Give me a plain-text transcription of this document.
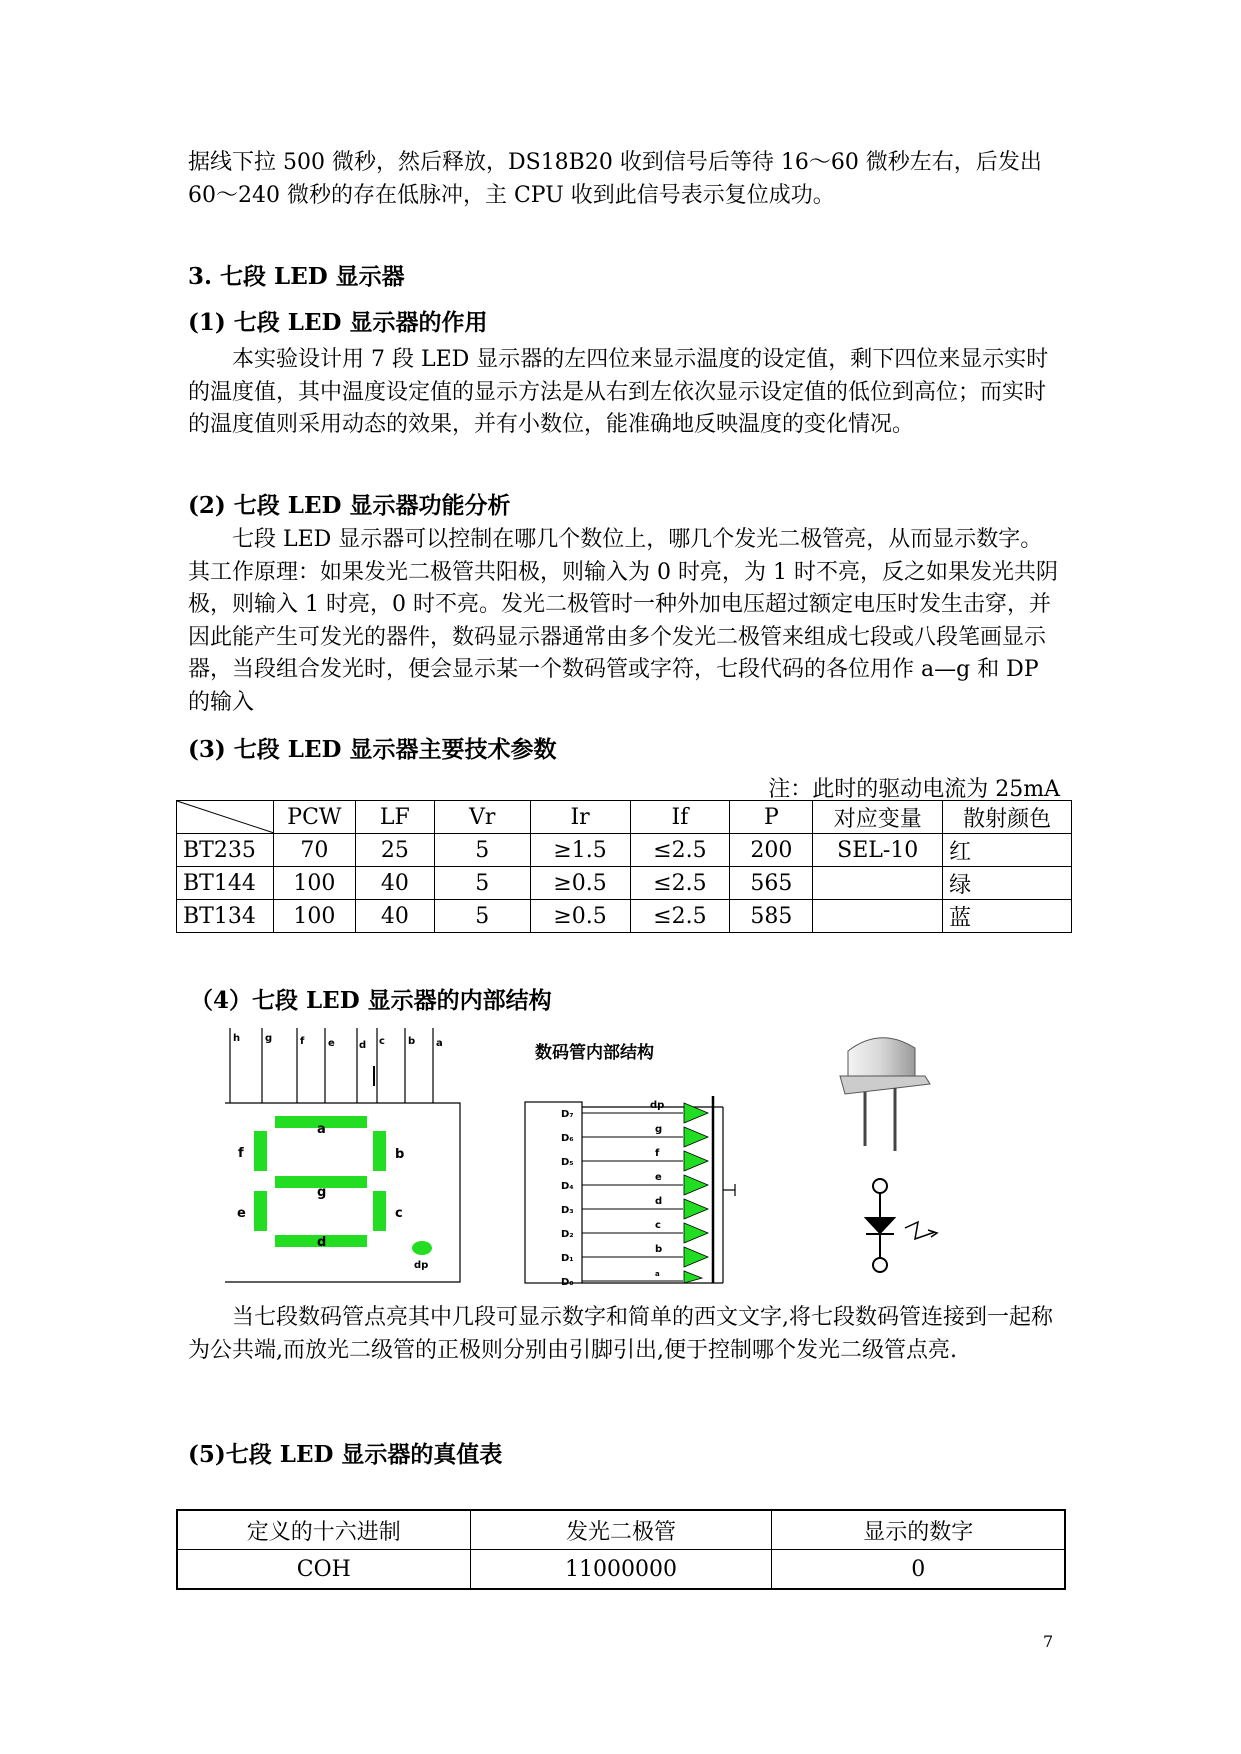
据线下拉 500 微秒，然后释放，DS18B20 收到信号后等待 16～60 微秒左右，后发出 60～240 微秒的存在低脉冲，主 CPU 收到此信号表示复位成功。

3. 七段 LED 显示器
(1) 七段 LED 显示器的作用

本实验设计用 7 段 LED 显示器的左四位来显示温度的设定值，剩下四位来显示实时的温度值，其中温度设定值的显示方法是从右到左依次显示设定值的低位到高位；而实时的温度值则采用动态的效果，并有小数位，能准确地反映温度的变化情况。

(2) 七段 LED 显示器功能分析

七段 LED 显示器可以控制在哪几个数位上，哪几个发光二极管亮，从而显示数字。其工作原理：如果发光二极管共阳极，则输入为 0 时亮，为 1 时不亮，反之如果发光共阴极，则输入 1 时亮，0 时不亮。发光二极管时一种外加电压超过额定电压时发生击穿，并因此能产生可发光的器件，数码显示器通常由多个发光二极管来组成七段或八段笔画显示器，当段组合发光时，便会显示某一个数码管或字符，七段代码的各位用作 a—g 和 DP 的输入

(3) 七段 LED 显示器主要技术参数
注：此时的驱动电流为 25mA
	PCW	LF	Vr	Ir	If	P	对应变量	散射颜色
BT235	70	25	5	≥1.5	≤2.5	200	SEL-10	红
BT144	100	40	5	≥0.5	≤2.5	565		绿
BT134	100	40	5	≥0.5	≤2.5	585		蓝
（4）七段 LED 显示器的内部结构
h g	f e d c b a
a
b
c
d
e
f
g
dp
数码管内部结构
D₇
D₆
D₅
D₄
D₃
D₂
D₁
D₀
dp
g
f
e
d
c
b
a

当七段数码管点亮其中几段可显示数字和简单的西文文字,将七段数码管连接到一起称为公共端,而放光二级管的正极则分别由引脚引出,便于控制哪个发光二级管点亮.

(5)七段 LED 显示器的真值表
定义的十六进制	发光二极管	显示的数字
COH	11000000	0
7
